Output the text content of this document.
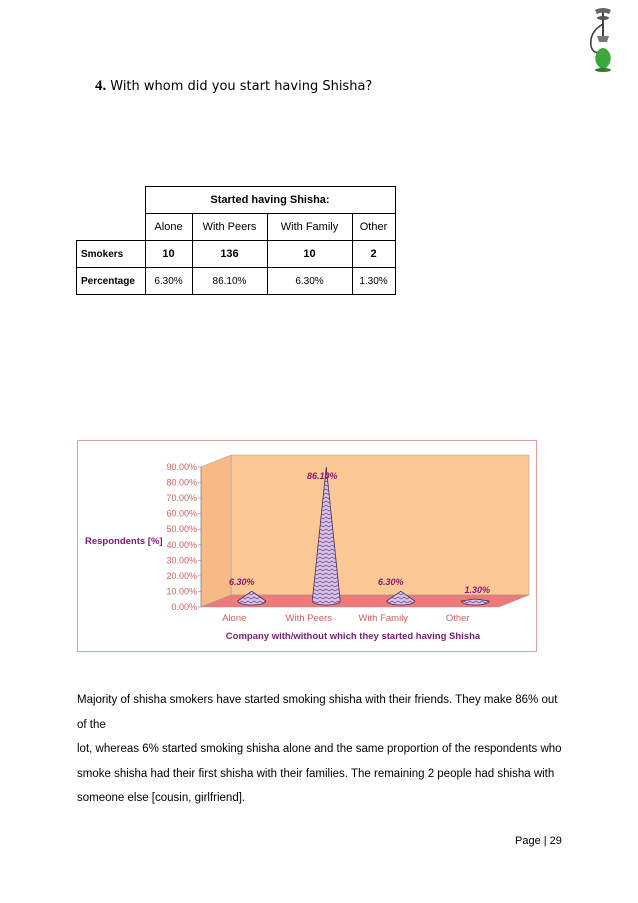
4. With whom did you start having Shisha?
	Started having Shisha:			
	Alone	With Peers	With Family	Other
Smokers	10	136	10	2
Percentage	6.30%	86.10%	6.30%	1.30%
0.00%
10.00%
20.00%
30.00%
40.00%
50.00%
60.00%
70.00%
80.00%
90.00%
Respondents [%]
6.30%
Alone
86.10%
With Peers
6.30%
With Family
1.30%
Other
Company with/without which they started having Shisha

Majority of shisha smokers have started smoking shisha with their friends. They make 86% out of the

lot, whereas 6% started smoking shisha alone and the same proportion of the respondents who

smoke shisha had their first shisha with their families. The remaining 2 people had shisha with

someone else [cousin, girlfriend].

Page | 29
